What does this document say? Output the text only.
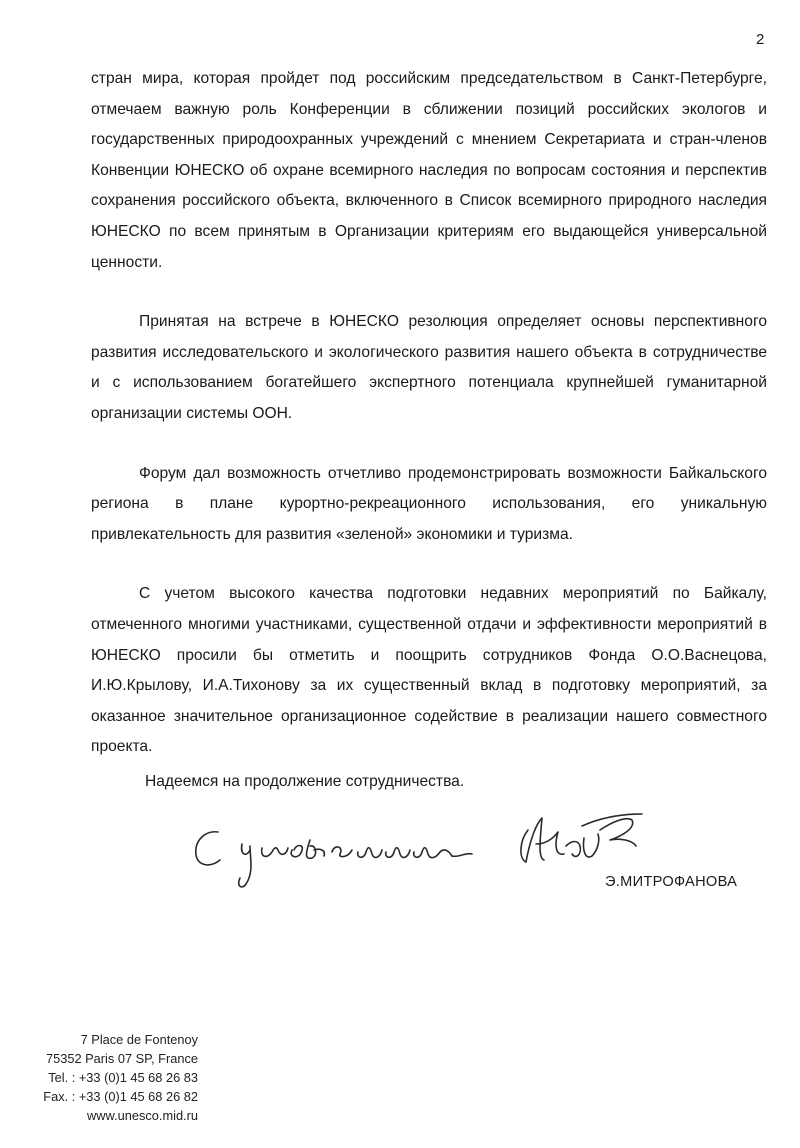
2

стран мира, которая пройдет под российским председательством в Санкт-Петербурге, отмечаем важную роль Конференции в сближении позиций российских экологов и государственных природоохранных учреждений с мнением Секретариата и стран-членов Конвенции ЮНЕСКО об охране всемирного наследия по вопросам состояния и перспектив сохранения российского объекта, включенного в Список всемирного природного наследия ЮНЕСКО по всем принятым в Организации критериям его выдающейся универсальной ценности.

Принятая на встрече в ЮНЕСКО резолюция определяет основы перспективного развития исследовательского и экологического развития нашего объекта в сотрудничестве и с использованием богатейшего экспертного потенциала крупнейшей гуманитарной организации системы ООН.

Форум дал возможность отчетливо продемонстрировать возможности Байкальского региона в плане курортно-рекреационного использования, его уникальную привлекательность для развития «зеленой» экономики и туризма.

С учетом высокого качества подготовки недавних мероприятий по Байкалу, отмеченного многими участниками, существенной отдачи и эффективности мероприятий в ЮНЕСКО просили бы отметить и поощрить сотрудников Фонда О.О.Васнецова, И.Ю.Крылову, И.А.Тихонову за их существенный вклад в подготовку мероприятий, за оказанное значительное организационное содействие в реализации нашего совместного проекта.

Надеемся на продолжение сотрудничества.
Э.МИТРОФАНОВА
7 Place de Fontenoy
75352 Paris 07 SP, France
Tel. : +33 (0)1 45 68 26 83
Fax. : +33 (0)1 45 68 26 82
www.unesco.mid.ru
